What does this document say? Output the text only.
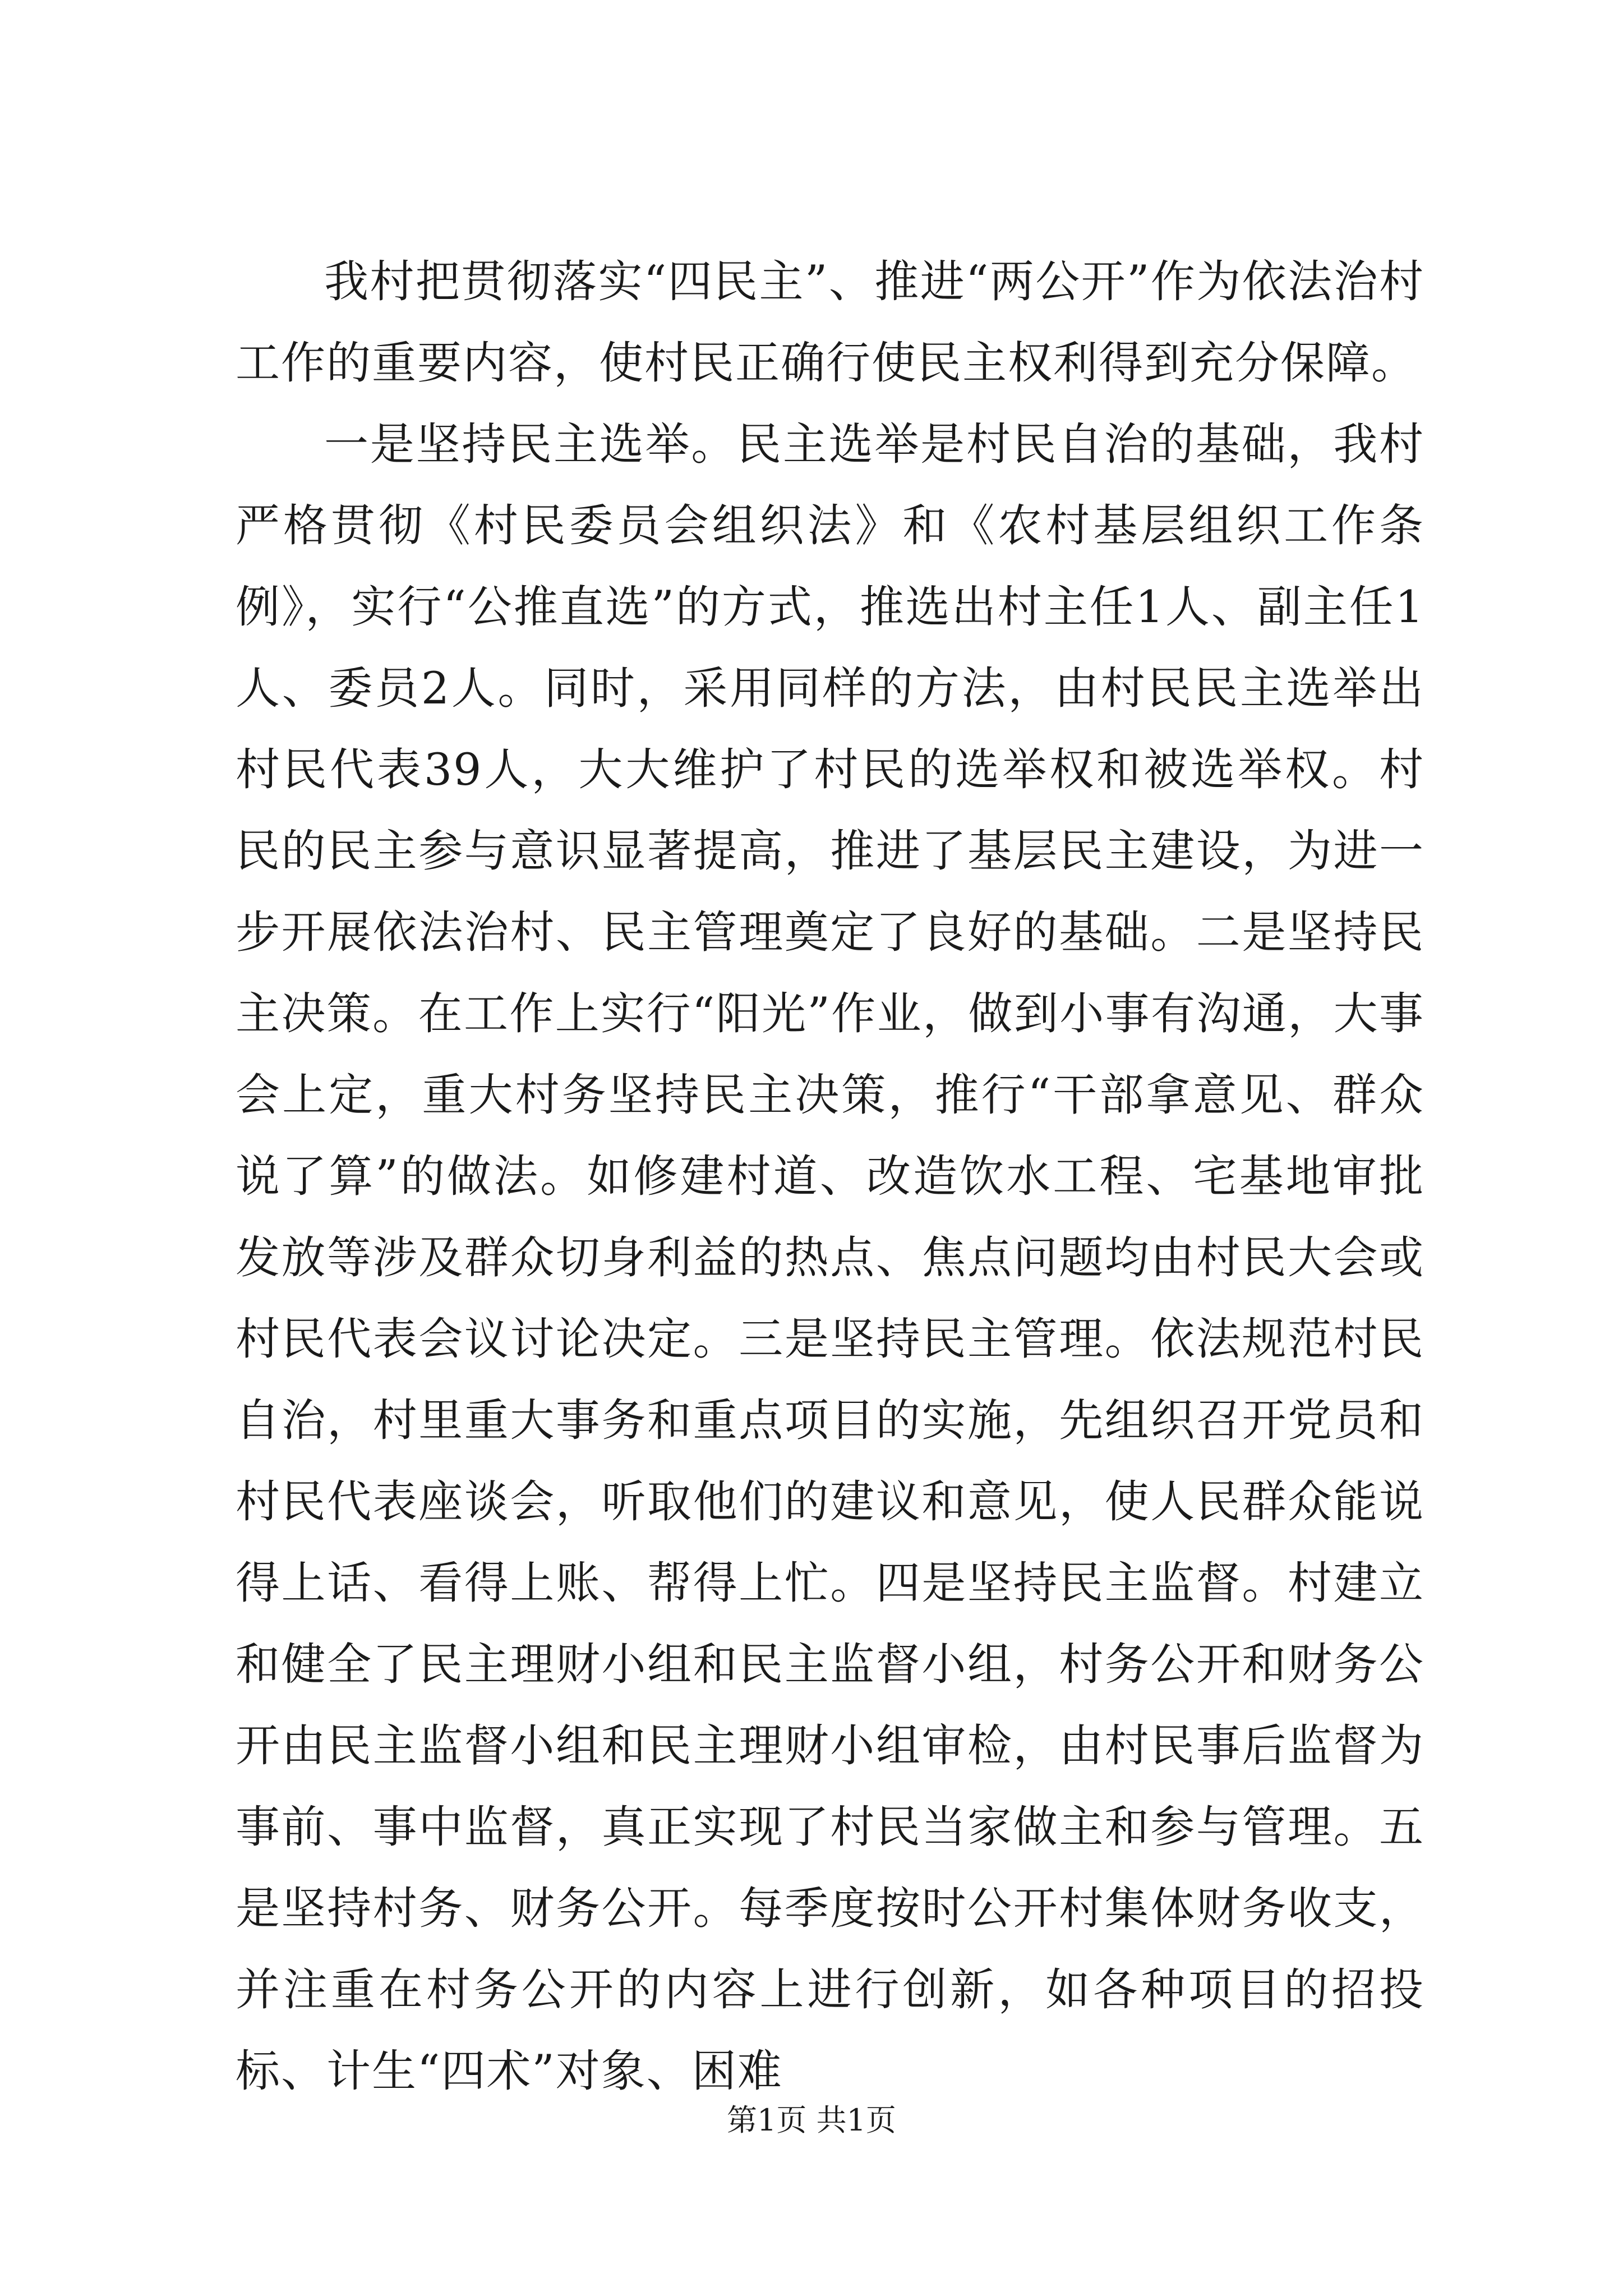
我村把贯彻落实“四民主”、推进“两公开”作为依法治村工作的重要内容，使村民正确行使民主权利得到充分保障。

一是坚持民主选举。民主选举是村民自治的基础，我村严格贯彻《村民委员会组织法》和《农村基层组织工作条例》，实行“公推直选”的方式，推选出村主任1人、副主任1人、委员2人。同时，采用同样的方法，由村民民主选举出村民代表39人，大大维护了村民的选举权和被选举权。村民的民主参与意识显著提高，推进了基层民主建设，为进一步开展依法治村、民主管理奠定了良好的基础。二是坚持民主决策。在工作上实行“阳光”作业，做到小事有沟通，大事会上定，重大村务坚持民主决策，推行“干部拿意见、群众说了算”的做法。如修建村道、改造饮水工程、宅基地审批发放等涉及群众切身利益的热点、焦点问题均由村民大会或村民代表会议讨论决定。三是坚持民主管理。依法规范村民自治，村里重大事务和重点项目的实施，先组织召开党员和村民代表座谈会，听取他们的建议和意见，使人民群众能说得上话、看得上账、帮得上忙。四是坚持民主监督。村建立和健全了民主理财小组和民主监督小组，村务公开和财务公开由民主监督小组和民主理财小组审检，由村民事后监督为事前、事中监督，真正实现了村民当家做主和参与管理。五是坚持村务、财务公开。每季度按时公开村集体财务收支，并注重在村务公开的内容上进行创新，如各种项目的招投标、计生“四术”对象、困难

第1页 共1页
